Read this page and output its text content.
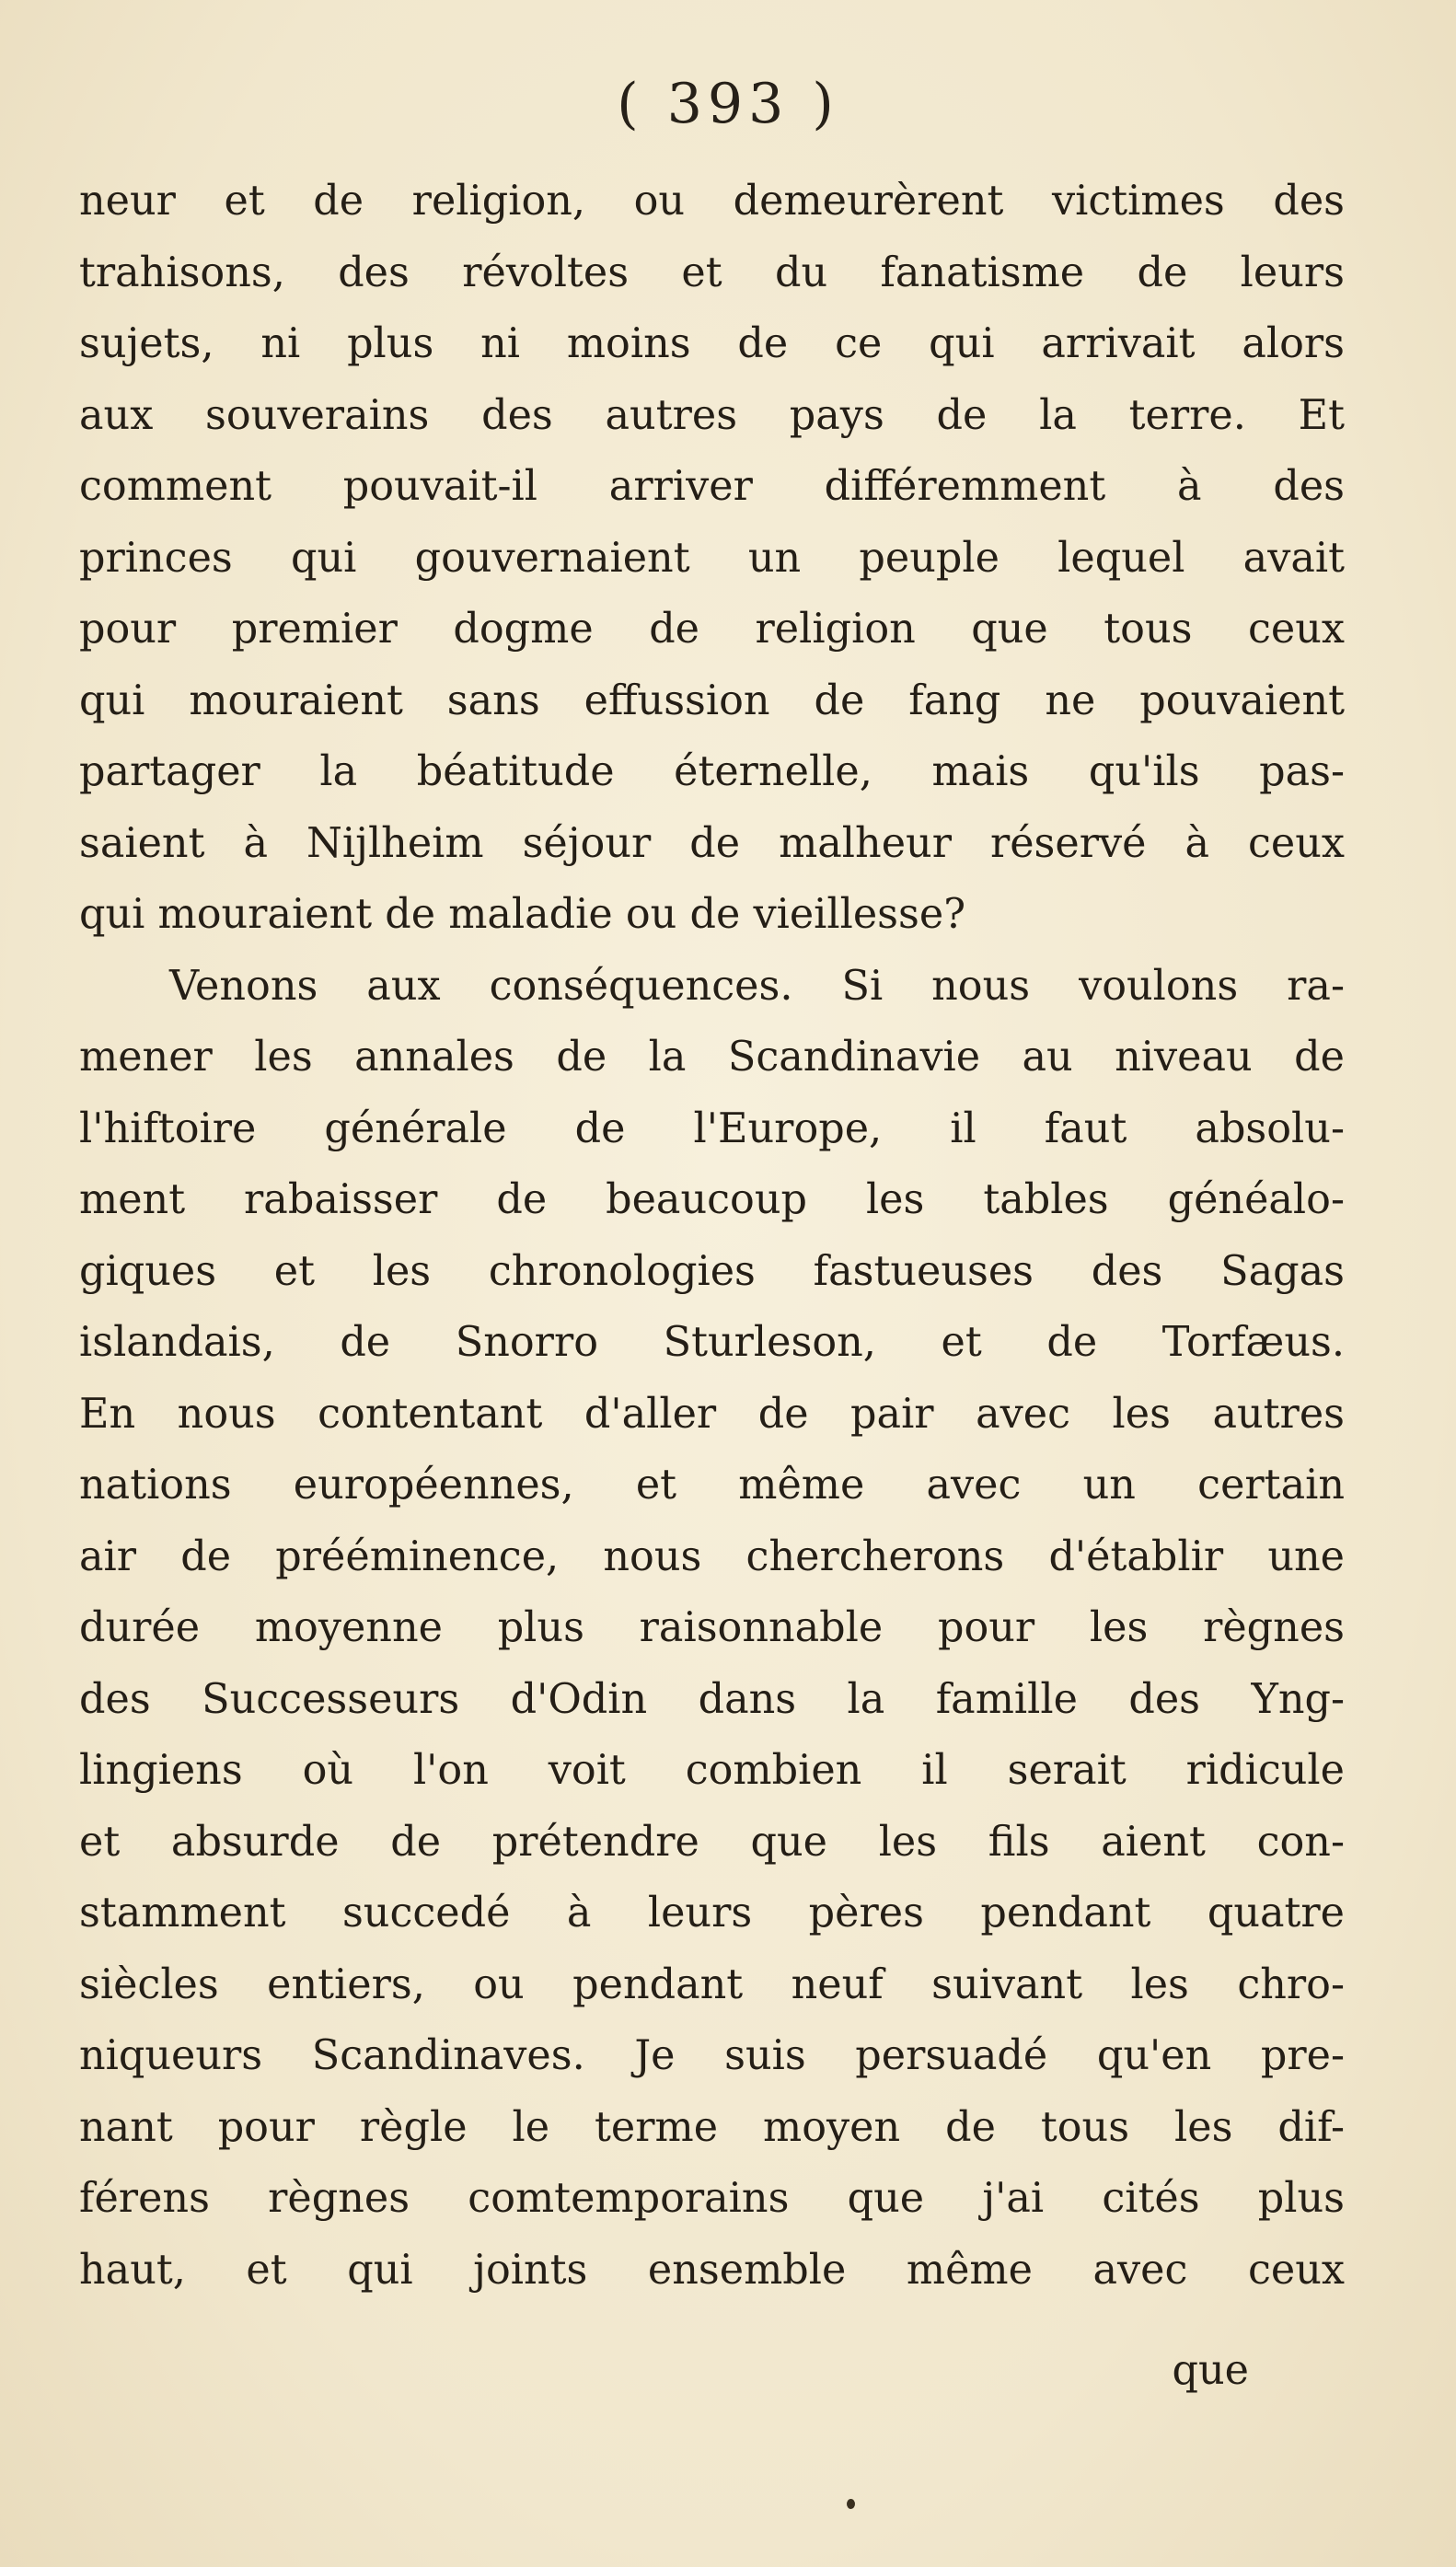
( 393 )
neur et de religion, ou demeurèrent victimes des
trahisons, des révoltes et du fanatisme de leurs
sujets, ni plus ni moins de ce qui arrivait alors
aux souverains des autres pays de la terre. Et
comment pouvait-il arriver différemment à des
princes qui gouvernaient un peuple lequel avait
pour premier dogme de religion que tous ceux
qui mouraient sans effussion de fang ne pouvaient
partager la béatitude éternelle, mais qu'ils pas-
saient à Nijlheim séjour de malheur réservé à ceux
qui mouraient de maladie ou de vieillesse?
Venons aux conséquences. Si nous voulons ra-
mener les annales de la Scandinavie au niveau de
l'hiftoire générale de l'Europe, il faut absolu-
ment rabaisser de beaucoup les tables généalo-
giques et les chronologies fastueuses des Sagas
islandais, de Snorro Sturleson, et de Torfæus.
En nous contentant d'aller de pair avec les autres
nations européennes, et même avec un certain
air de prééminence, nous chercherons d'établir une
durée moyenne plus raisonnable pour les règnes
des Successeurs d'Odin dans la famille des Yng-
lingiens où l'on voit combien il serait ridicule
et absurde de prétendre que les fils aient con-
stamment succedé à leurs pères pendant quatre
siècles entiers, ou pendant neuf suivant les chro-
niqueurs Scandinaves. Je suis persuadé qu'en pre-
nant pour règle le terme moyen de tous les dif-
férens règnes comtemporains que j'ai cités plus
haut, et qui joints ensemble même avec ceux
que
